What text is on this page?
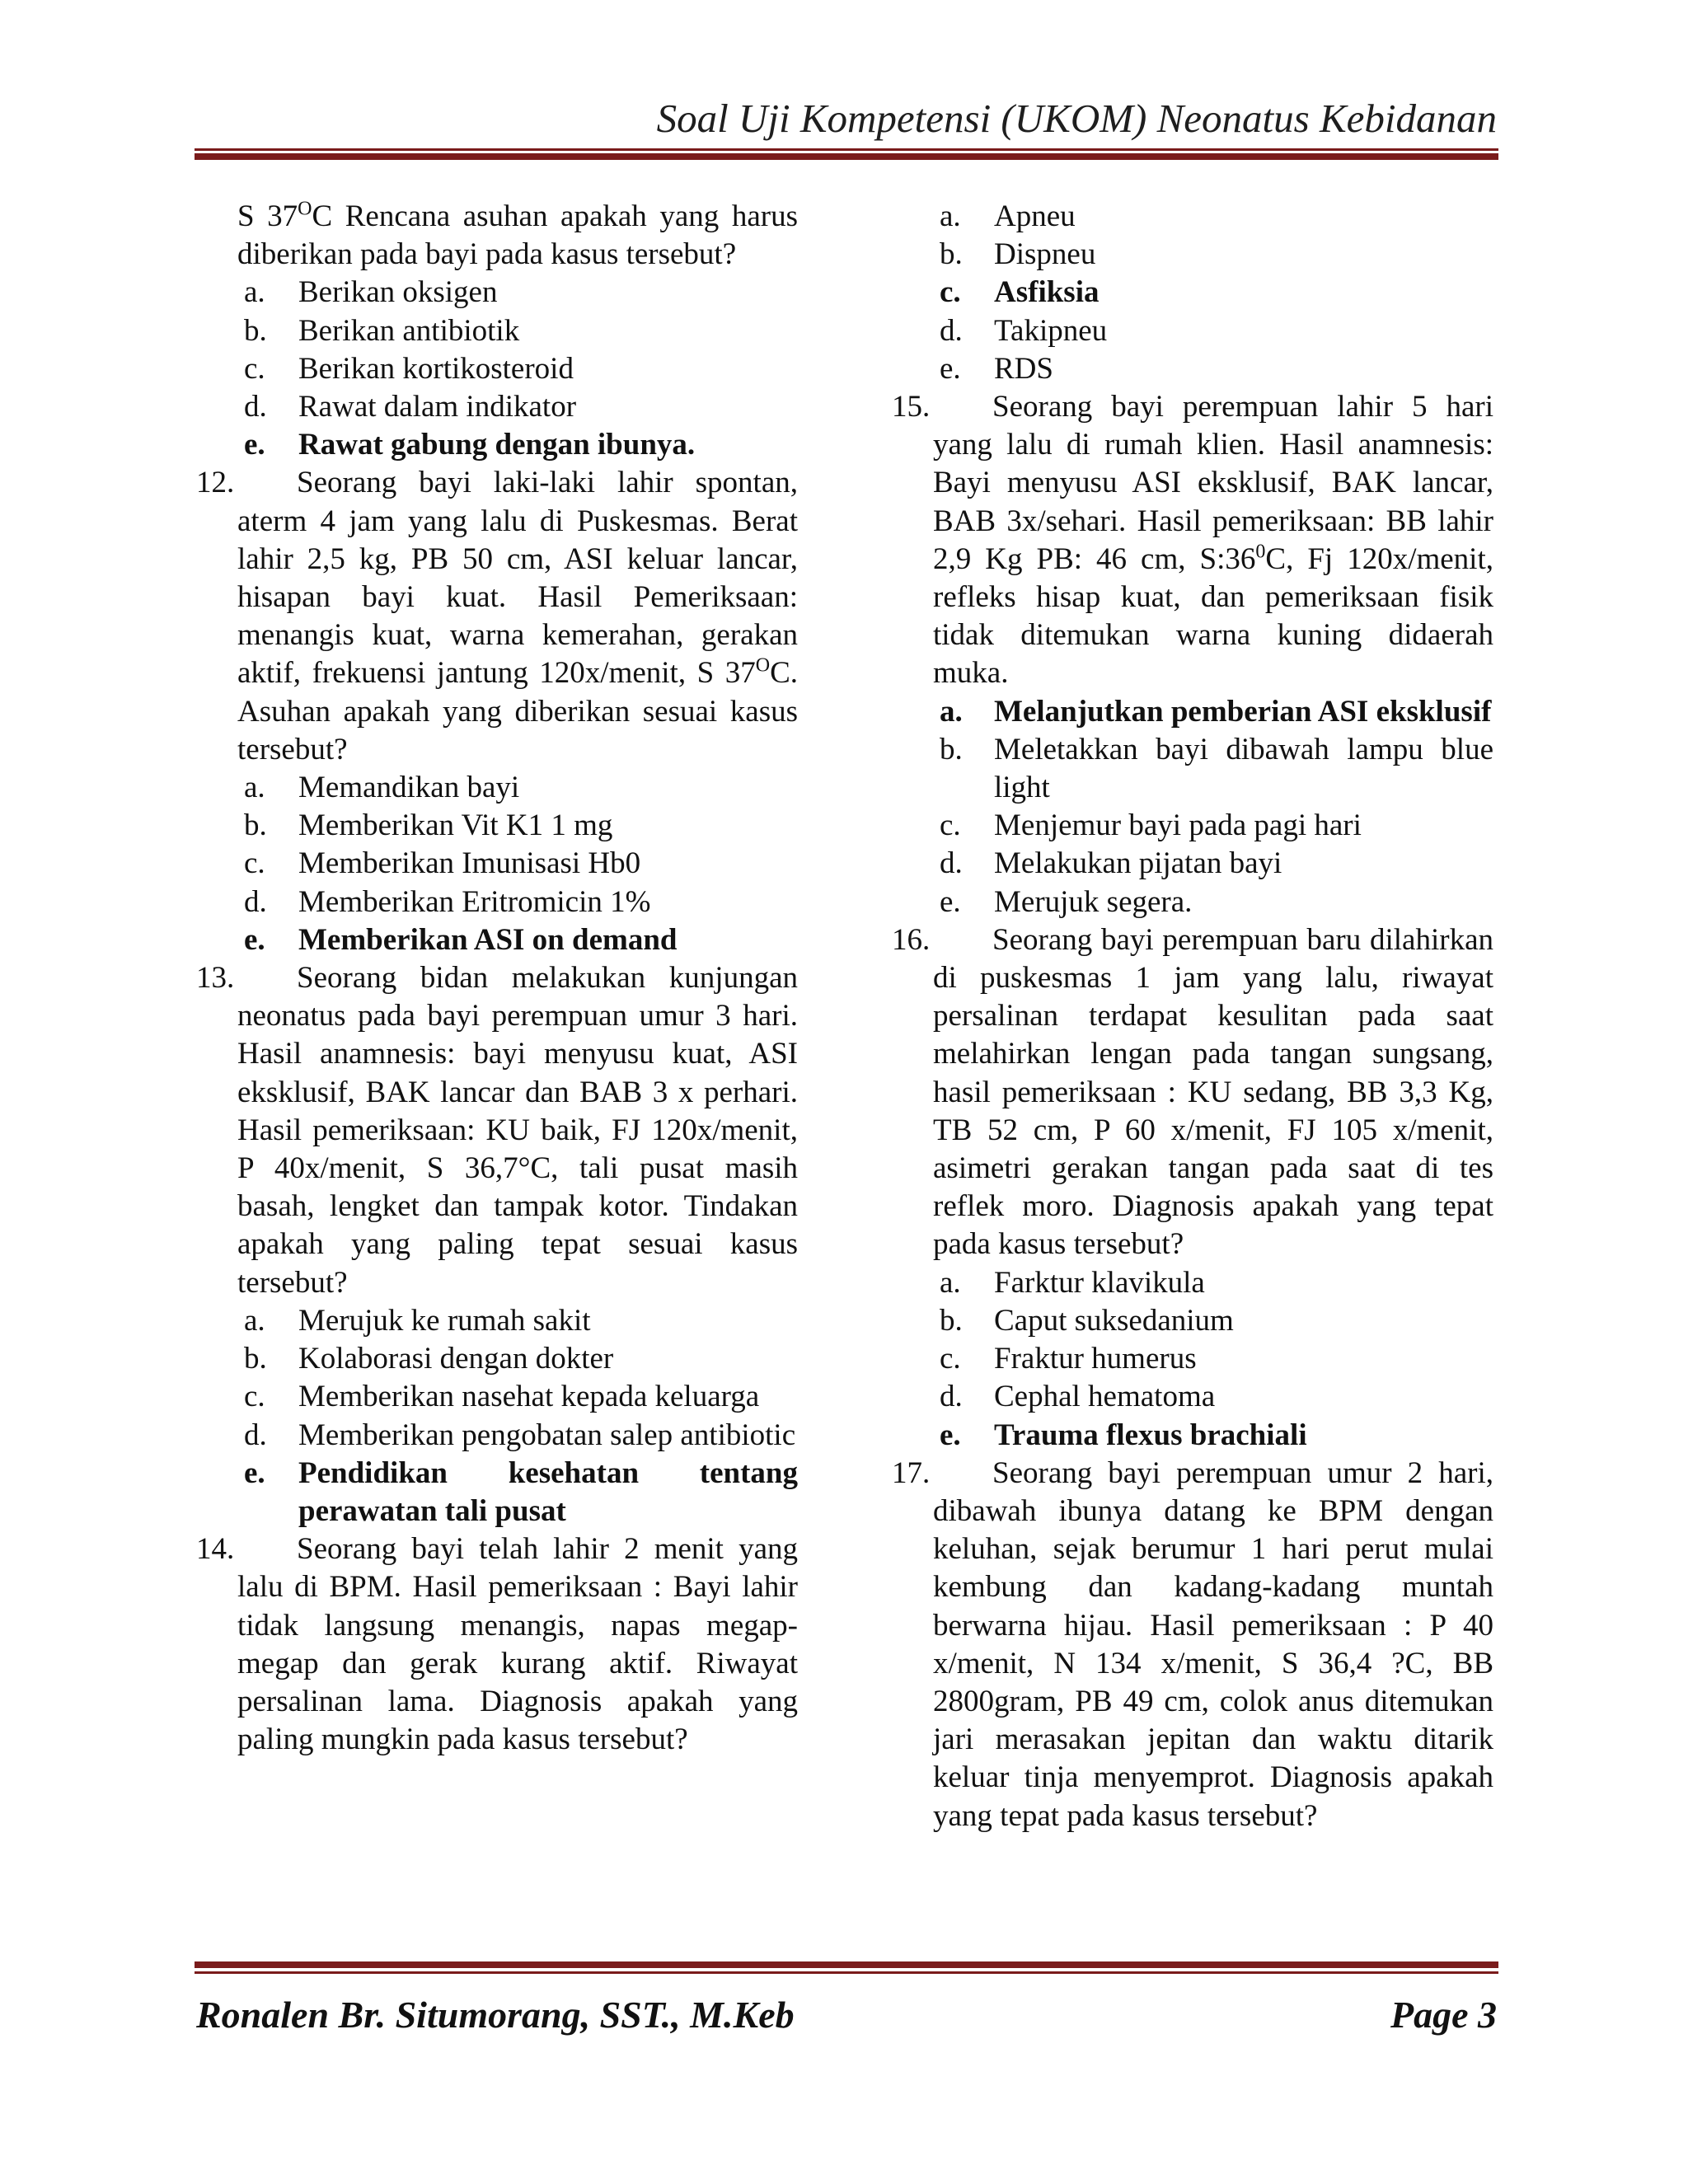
Soal Uji Kompetensi (UKOM) Neonatus Kebidanan
S $37^OC$ Rencana asuhan apakah yang harus diberikan pada bayi pada kasus tersebut?
a.	Berikan oksigen
b.	Berikan antibiotik
c.	Berikan kortikosteroid
d.	Rawat dalam indikator
e.	Rawat gabung dengan ibunya.
12.	Seorang bayi laki-laki lahir spontan, aterm 4 jam yang lalu di Puskesmas. Berat lahir 2,5 kg, PB 50 cm, ASI keluar lancar, hisapan bayi kuat. Hasil Pemeriksaan: menangis kuat, warna kemerahan, gerakan aktif, frekuensi jantung 120x/menit, S $37^OC$. Asuhan apakah yang diberikan sesuai kasus tersebut?
a.	Memandikan bayi
b.	Memberikan Vit K1 1 mg
c.	Memberikan Imunisasi Hb0
d.	Memberikan Eritromicin 1%
e.	Memberikan ASI on demand
13.	Seorang bidan melakukan kunjungan neonatus pada bayi perempuan umur 3 hari. Hasil anamnesis: bayi menyusu kuat, ASI eksklusif, BAK lancar dan BAB 3 x perhari. Hasil pemeriksaan: KU baik, FJ 120x/menit, P 40x/menit, S 36,7°C, tali pusat masih basah, lengket dan tampak kotor. Tindakan apakah yang paling tepat sesuai kasus tersebut?
a.	Merujuk ke rumah sakit
b.	Kolaborasi dengan dokter
c.	Memberikan nasehat kepada keluarga
d.	Memberikan pengobatan salep antibiotic
e.	Pendidikan kesehatan tentang perawatan tali pusat
14.	Seorang bayi telah lahir 2 menit yang lalu di BPM. Hasil pemeriksaan : Bayi lahir tidak langsung menangis, napas megap-megap dan gerak kurang aktif. Riwayat persalinan lama. Diagnosis apakah yang paling mungkin pada kasus tersebut?
a.	Apneu
b.	Dispneu
c.	Asfiksia
d.	Takipneu
e.	RDS
15.	Seorang bayi perempuan lahir 5 hari yang lalu di rumah klien. Hasil anamnesis: Bayi menyusu ASI eksklusif, BAK lancar, BAB 3x/sehari. Hasil pemeriksaan: BB lahir 2,9 Kg PB: 46 cm, $S:36^0C$, Fj 120x/menit, refleks hisap kuat, dan pemeriksaan fisik tidak ditemukan warna kuning didaerah muka.
a.	Melanjutkan pemberian ASI eksklusif
b.	Meletakkan bayi dibawah lampu blue light
c.	Menjemur bayi pada pagi hari
d.	Melakukan pijatan bayi
e.	Merujuk segera.
16.	Seorang bayi perempuan baru dilahirkan di puskesmas 1 jam yang lalu, riwayat persalinan terdapat kesulitan pada saat melahirkan lengan pada tangan sungsang, hasil pemeriksaan : KU sedang, BB 3,3 Kg, TB 52 cm, P 60 x/menit, FJ 105 x/menit, asimetri gerakan tangan pada saat di tes reflek moro. Diagnosis apakah yang tepat pada kasus tersebut?
a.	Farktur klavikula
b.	Caput suksedanium
c.	Fraktur humerus
d.	Cephal hematoma
e.	Trauma flexus brachiali
17.	Seorang bayi perempuan umur 2 hari, dibawah ibunya datang ke BPM dengan keluhan, sejak berumur 1 hari perut mulai kembung dan kadang-kadang muntah berwarna hijau. Hasil pemeriksaan : P 40 x/menit, N 134 x/menit, S 36,4 ?C, BB 2800gram, PB 49 cm, colok anus ditemukan jari merasakan jepitan dan waktu ditarik keluar tinja menyemprot. Diagnosis apakah yang tepat pada kasus tersebut?
Ronalen Br. Situmorang, SST., M.Keb	Page 3
